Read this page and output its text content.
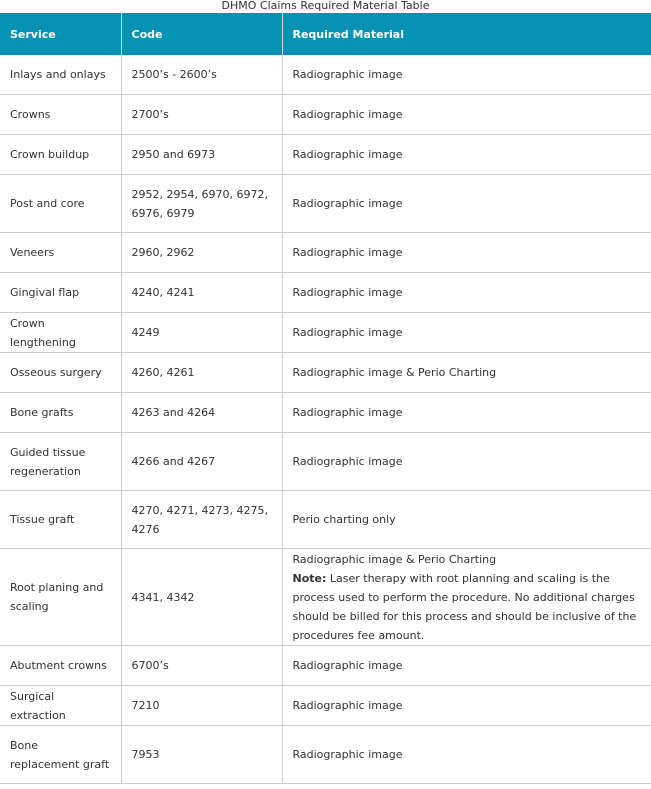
DHMO Claims Required Material Table
Service	Code	Required Material
Inlays and onlays	2500’s - 2600’s	Radiographic image
Crowns	2700’s	Radiographic image
Crown buildup	2950 and 6973	Radiographic image
Post and core	2952, 2954, 6970, 6972, 6976, 6979	Radiographic image
Veneers	2960, 2962	Radiographic image
Gingival flap	4240, 4241	Radiographic image
Crown lengthening	4249	Radiographic image
Osseous surgery	4260, 4261	Radiographic image & Perio Charting
Bone grafts	4263 and 4264	Radiographic image
Guided tissue regeneration	4266 and 4267	Radiographic image
Tissue graft	4270, 4271, 4273, 4275, 4276	Perio charting only
Root planing and scaling	4341, 4342	Radiographic image & Perio Charting
Note: Laser therapy with root planning and scaling is the process used to perform the procedure. No additional charges should be billed for this process and should be inclusive of the procedures fee amount.

Abutment crowns	6700’s	Radiographic image
Surgical extraction	7210	Radiographic image
Bone replacement graft	7953	Radiographic image
